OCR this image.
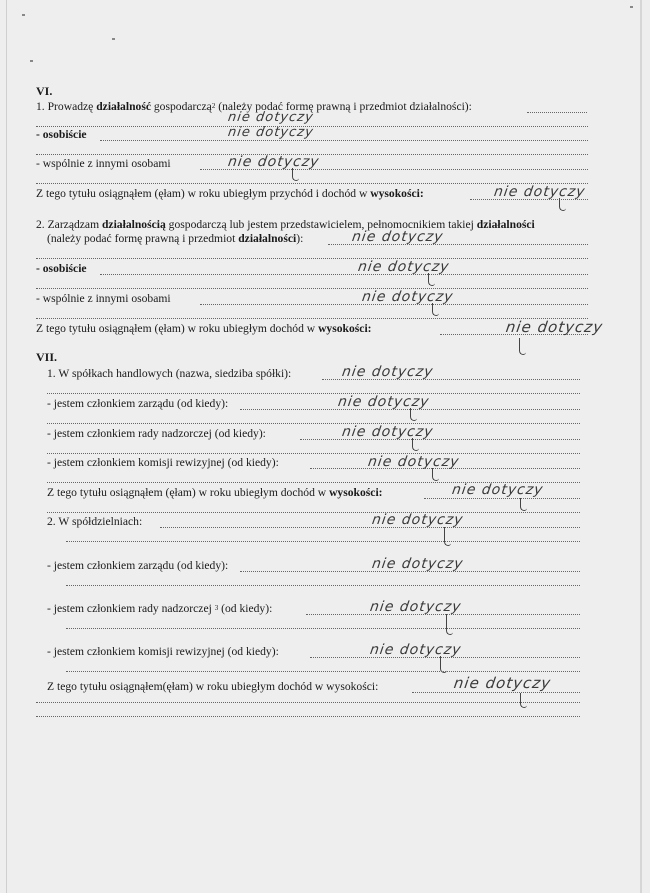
VI.
1. Prowadzę działalność gospodarczą$^2$ (należy podać formę prawną i przedmiot działalności):
nie dotyczy
- osobiście	nie dotyczy
- wspólnie z innymi osobami	nie dotyczy
Z tego tytułu osiągnąłem (ęłam) w roku ubiegłym przychód i dochód w wysokości:	nie dotyczy
2. Zarządzam działalnością gospodarczą lub jestem przedstawicielem, pełnomocnikiem takiej działalności
(należy podać formę prawną i przedmiot działalności):	nie dotyczy
- osobiście	nie dotyczy
- wspólnie z innymi osobami	nie dotyczy
Z tego tytułu osiągnąłem (ęłam) w roku ubiegłym dochód w wysokości:	nie dotyczy
VII.
1. W spółkach handlowych (nazwa, siedziba spółki):	nie dotyczy
- jestem członkiem zarządu (od kiedy):	nie dotyczy
- jestem członkiem rady nadzorczej (od kiedy):	nie dotyczy
- jestem członkiem komisji rewizyjnej (od kiedy):	nie dotyczy
Z tego tytułu osiągnąłem (ęłam) w roku ubiegłym dochód w wysokości:	nie dotyczy
2. W spółdzielniach:	nie dotyczy
- jestem członkiem zarządu (od kiedy):	nie dotyczy
- jestem członkiem rady nadzorczej $^3$ (od kiedy):	nie dotyczy
- jestem członkiem komisji rewizyjnej (od kiedy):	nie dotyczy
Z tego tytułu osiągnąłem(ęłam) w roku ubiegłym dochód w wysokości:	nie dotyczy
